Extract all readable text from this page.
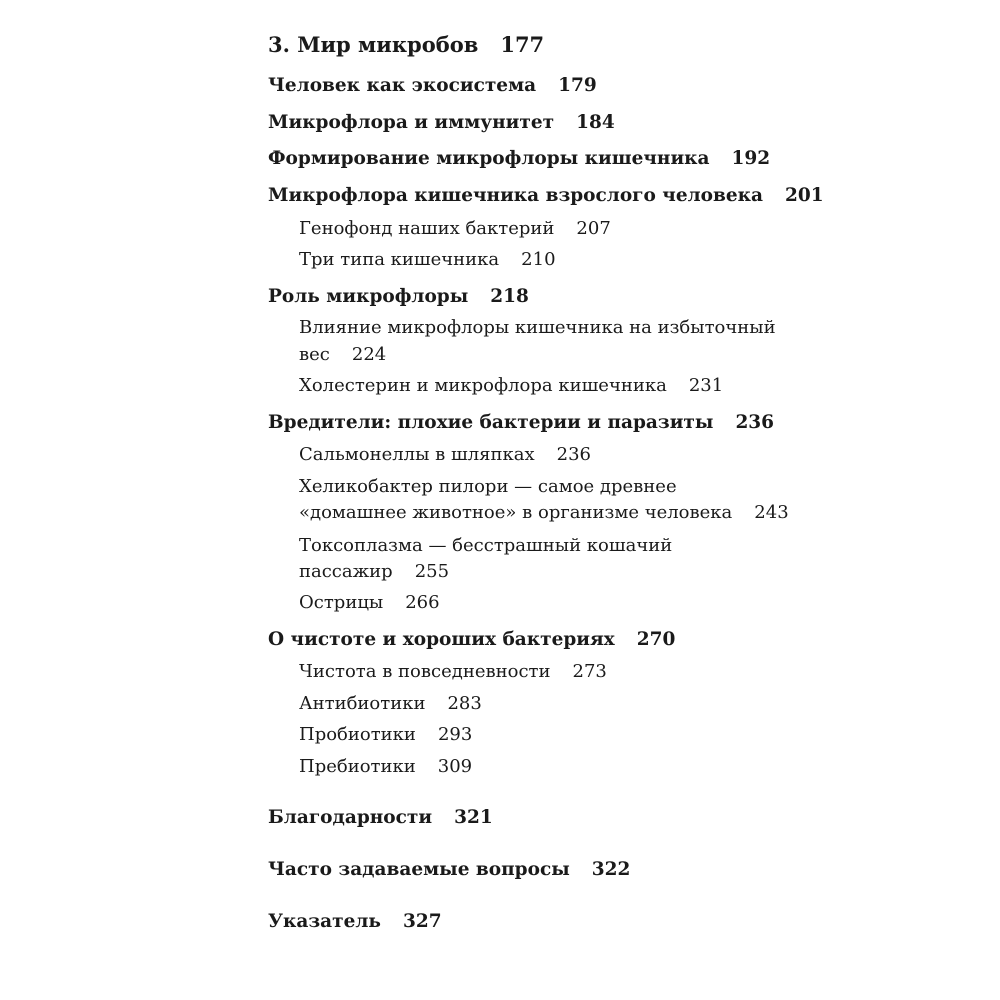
3. Мир микробов 177
Человек как экосистема 179
Микрофлора и иммунитет 184
Формирование микрофлоры кишечника 192
Микрофлора кишечника взрослого человека 201
Генофонд наших бактерий 207
Три типа кишечника 210
Роль микрофлоры 218
Влияние микрофлоры кишечника на избыточный
вес 224
Холестерин и микрофлора кишечника 231
Вредители: плохие бактерии и паразиты 236
Сальмонеллы в шляпках 236
Хеликобактер пилори — самое древнее
«домашнее животное» в организме человека 243
Токсоплазма — бесстрашный кошачий
пассажир 255
Острицы 266
О чистоте и хороших бактериях 270
Чистота в повседневности 273
Антибиотики 283
Пробиотики 293
Пребиотики 309
Благодарности 321
Часто задаваемые вопросы 322
Указатель 327
